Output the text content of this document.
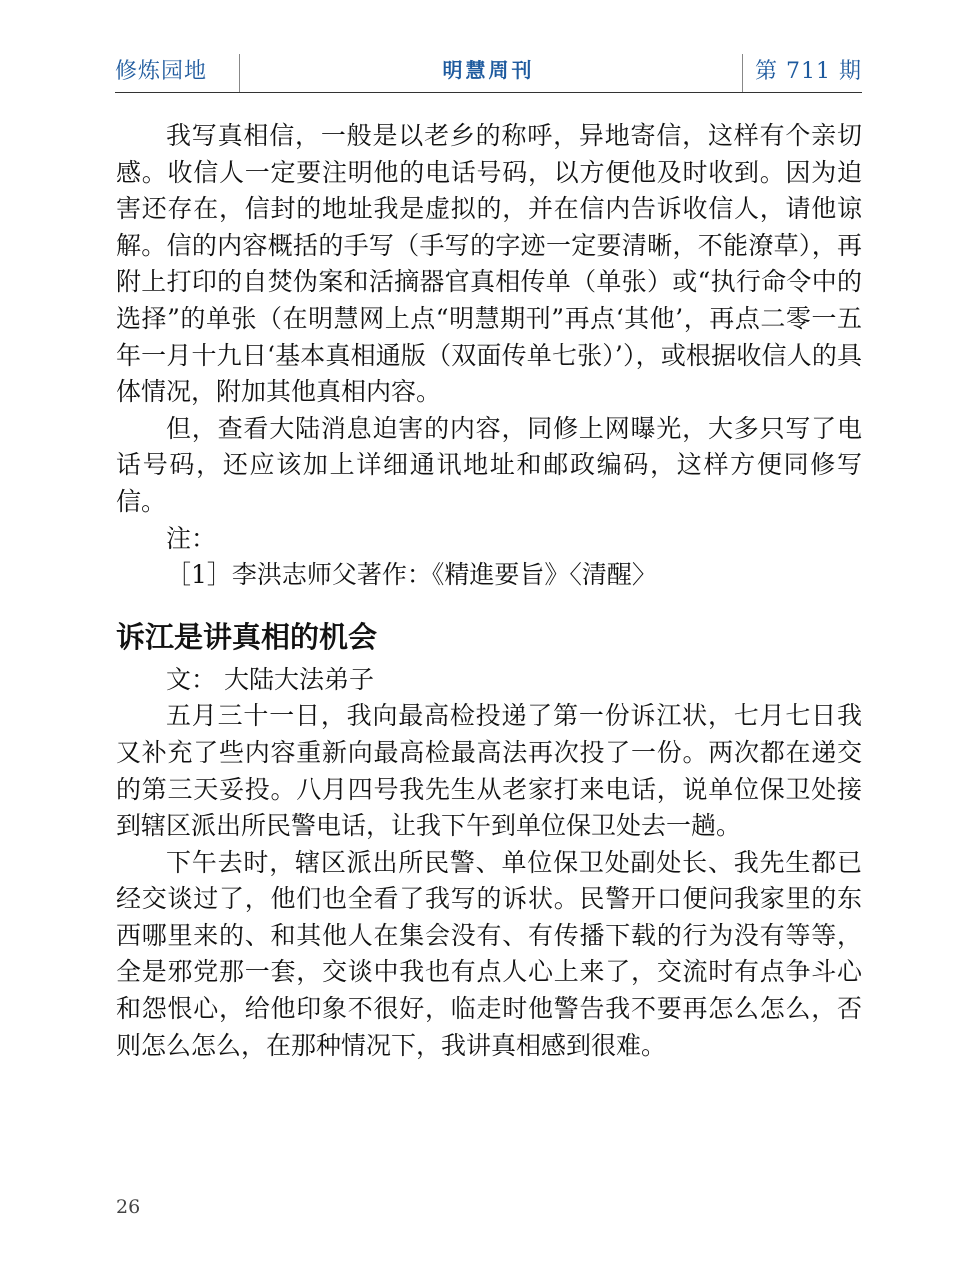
修炼园地	明慧周刊	第 711 期

我写真相信，一般是以老乡的称呼，异地寄信，这样有个亲切感。收信人一定要注明他的电话号码，以方便他及时收到。因为迫害还存在，信封的地址我是虚拟的，并在信内告诉收信人，请他谅解。信的内容概括的手写（手写的字迹一定要清晰，不能潦草），再附上打印的自焚伪案和活摘器官真相传单（单张）或“执行命令中的选择”的单张（在明慧网上点“明慧期刊”再点‘其他’，再点二零一五年一月十九日‘基本真相通版（双面传单七张）’），或根据收信人的具体情况，附加其他真相内容。

但，查看大陆消息迫害的内容，同修上网曝光，大多只写了电话号码，还应该加上详细通讯地址和邮政编码，这样方便同修写信。

注：

［1］李洪志师父著作：《精進要旨》〈清醒〉

诉江是讲真相的机会

文： 大陆大法弟子

五月三十一日，我向最高检投递了第一份诉江状，七月七日我又补充了些内容重新向最高检最高法再次投了一份。两次都在递交的第三天妥投。八月四号我先生从老家打来电话，说单位保卫处接到辖区派出所民警电话，让我下午到单位保卫处去一趟。

下午去时，辖区派出所民警、单位保卫处副处长、我先生都已经交谈过了，他们也全看了我写的诉状。民警开口便问我家里的东西哪里来的、和其他人在集会没有、有传播下载的行为没有等等，全是邪党那一套，交谈中我也有点人心上来了，交流时有点争斗心和怨恨心，给他印象不很好，临走时他警告我不要再怎么怎么，否则怎么怎么，在那种情况下，我讲真相感到很难。

26
